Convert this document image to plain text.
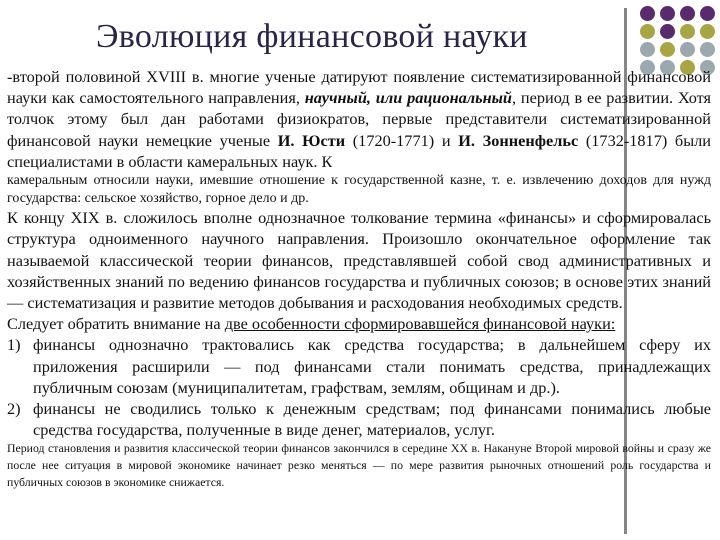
Эволюция финансовой науки

-второй половиной XVIII в. многие ученые датируют появление систематизированной финансовой науки как самостоятельного направления, научный, или рациональный, период в ее развитии. Хотя толчок этому был дан работами физиократов, первые представители систематизированной финансовой науки немецкие ученые И. Юсти (1720-1771) и И. Зонненфельс (1732-1817) были специалистами в области камеральных наук. К

камеральным относили науки, имевшие отношение к государственной казне, т. е. извлечению доходов для нужд государства: сельское хозяйство, горное дело и др.

К концу XIX в. сложилось вполне однозначное толкование термина «финансы» и сформировалась структура одноименного научного направления. Произошло окончательное оформление так называемой классической теории финансов, представлявшей собой свод административных и хозяйственных знаний по ведению финансов государства и публичных союзов; в основе этих знаний — систематизация и развитие методов добывания и расходования необходимых средств.

Следует обратить внимание на две особенности сформировавшейся финансовой науки:

1) финансы однозначно трактовались как средства государства; в дальнейшем сферу их приложения расширили — под финансами стали понимать средства, принадлежащих публичным союзам (муниципалитетам, графствам, землям, общинам и др.).
2) финансы не сводились только к денежным средствам; под финансами понимались любые средства государства, полученные в виде денег, материалов, услуг.

Период становления и развития классической теории финансов закончился в середине XX в. Накануне Второй мировой войны и сразу же после нее ситуация в мировой экономике начинает резко меняться — по мере развития рыночных отношений роль государства и публичных союзов в экономике снижается.
